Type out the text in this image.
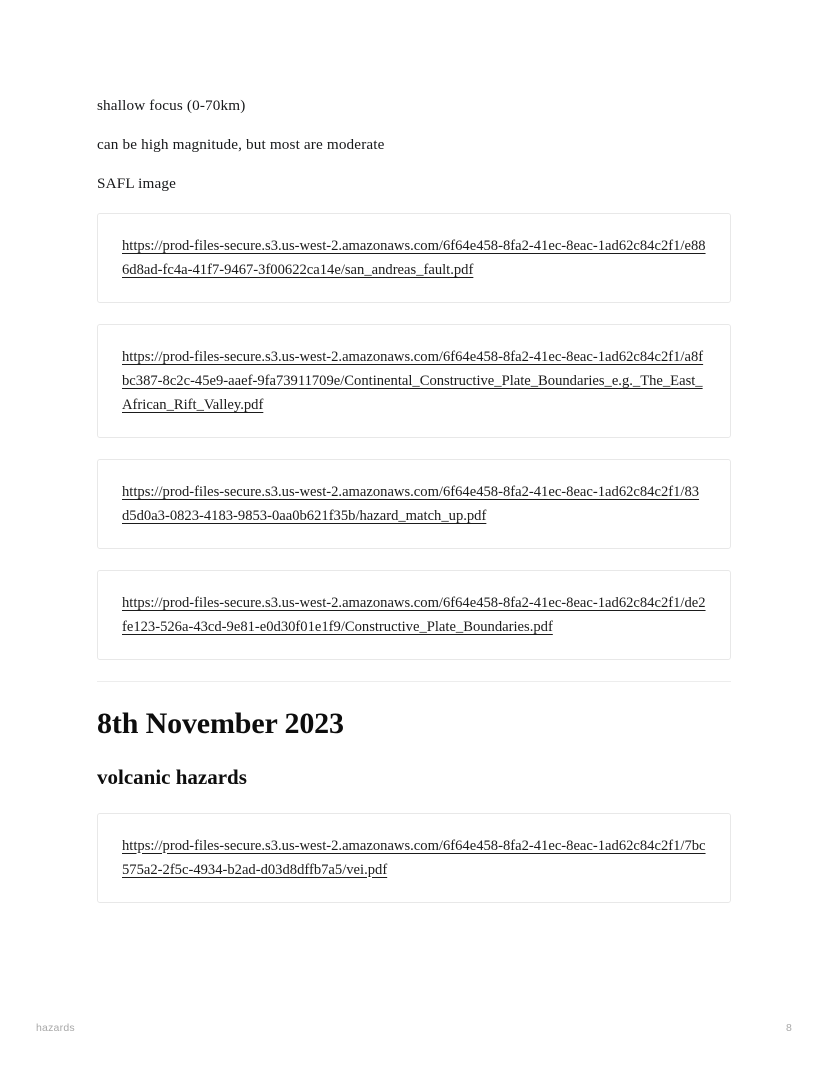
shallow focus (0-70km)

can be high magnitude, but most are moderate

SAFL image

https://prod-files-secure.s3.us-west-2.amazonaws.com/6f64e458-8fa2-41ec-8eac-1ad62c84c2f1/e886d8ad-fc4a-41f7-9467-3f00622ca14e/san_andreas_fault.pdf
https://prod-files-secure.s3.us-west-2.amazonaws.com/6f64e458-8fa2-41ec-8eac-1ad62c84c2f1/a8fbc387-8c2c-45e9-aaef-9fa73911709e/Continental_Constructive_Plate_Boundaries_e.g._The_East_African_Rift_Valley.pdf
https://prod-files-secure.s3.us-west-2.amazonaws.com/6f64e458-8fa2-41ec-8eac-1ad62c84c2f1/83d5d0a3-0823-4183-9853-0aa0b621f35b/hazard_match_up.pdf
https://prod-files-secure.s3.us-west-2.amazonaws.com/6f64e458-8fa2-41ec-8eac-1ad62c84c2f1/de2fe123-526a-43cd-9e81-e0d30f01e1f9/Constructive_Plate_Boundaries.pdf
8th November 2023
volcanic hazards
https://prod-files-secure.s3.us-west-2.amazonaws.com/6f64e458-8fa2-41ec-8eac-1ad62c84c2f1/7bc575a2-2f5c-4934-b2ad-d03d8dffb7a5/vei.pdf
hazards	8
